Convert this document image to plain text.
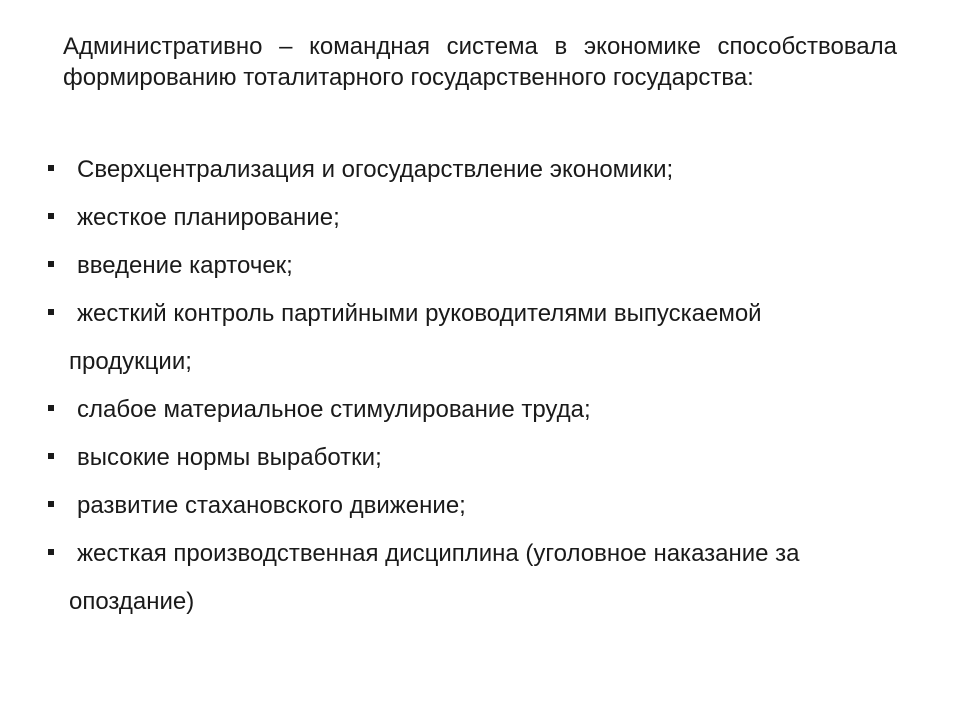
Административно – командная система в экономике способствовала формированию тоталитарного государственного государства:

Сверхцентрализация и огосударствление экономики;
жесткое планирование;
введение карточек;
жесткий контроль партийными руководителями выпускаемой
продукции;
слабое материальное стимулирование труда;
высокие нормы выработки;
развитие стахановского движение;
жесткая производственная дисциплина (уголовное наказание за
опоздание)
